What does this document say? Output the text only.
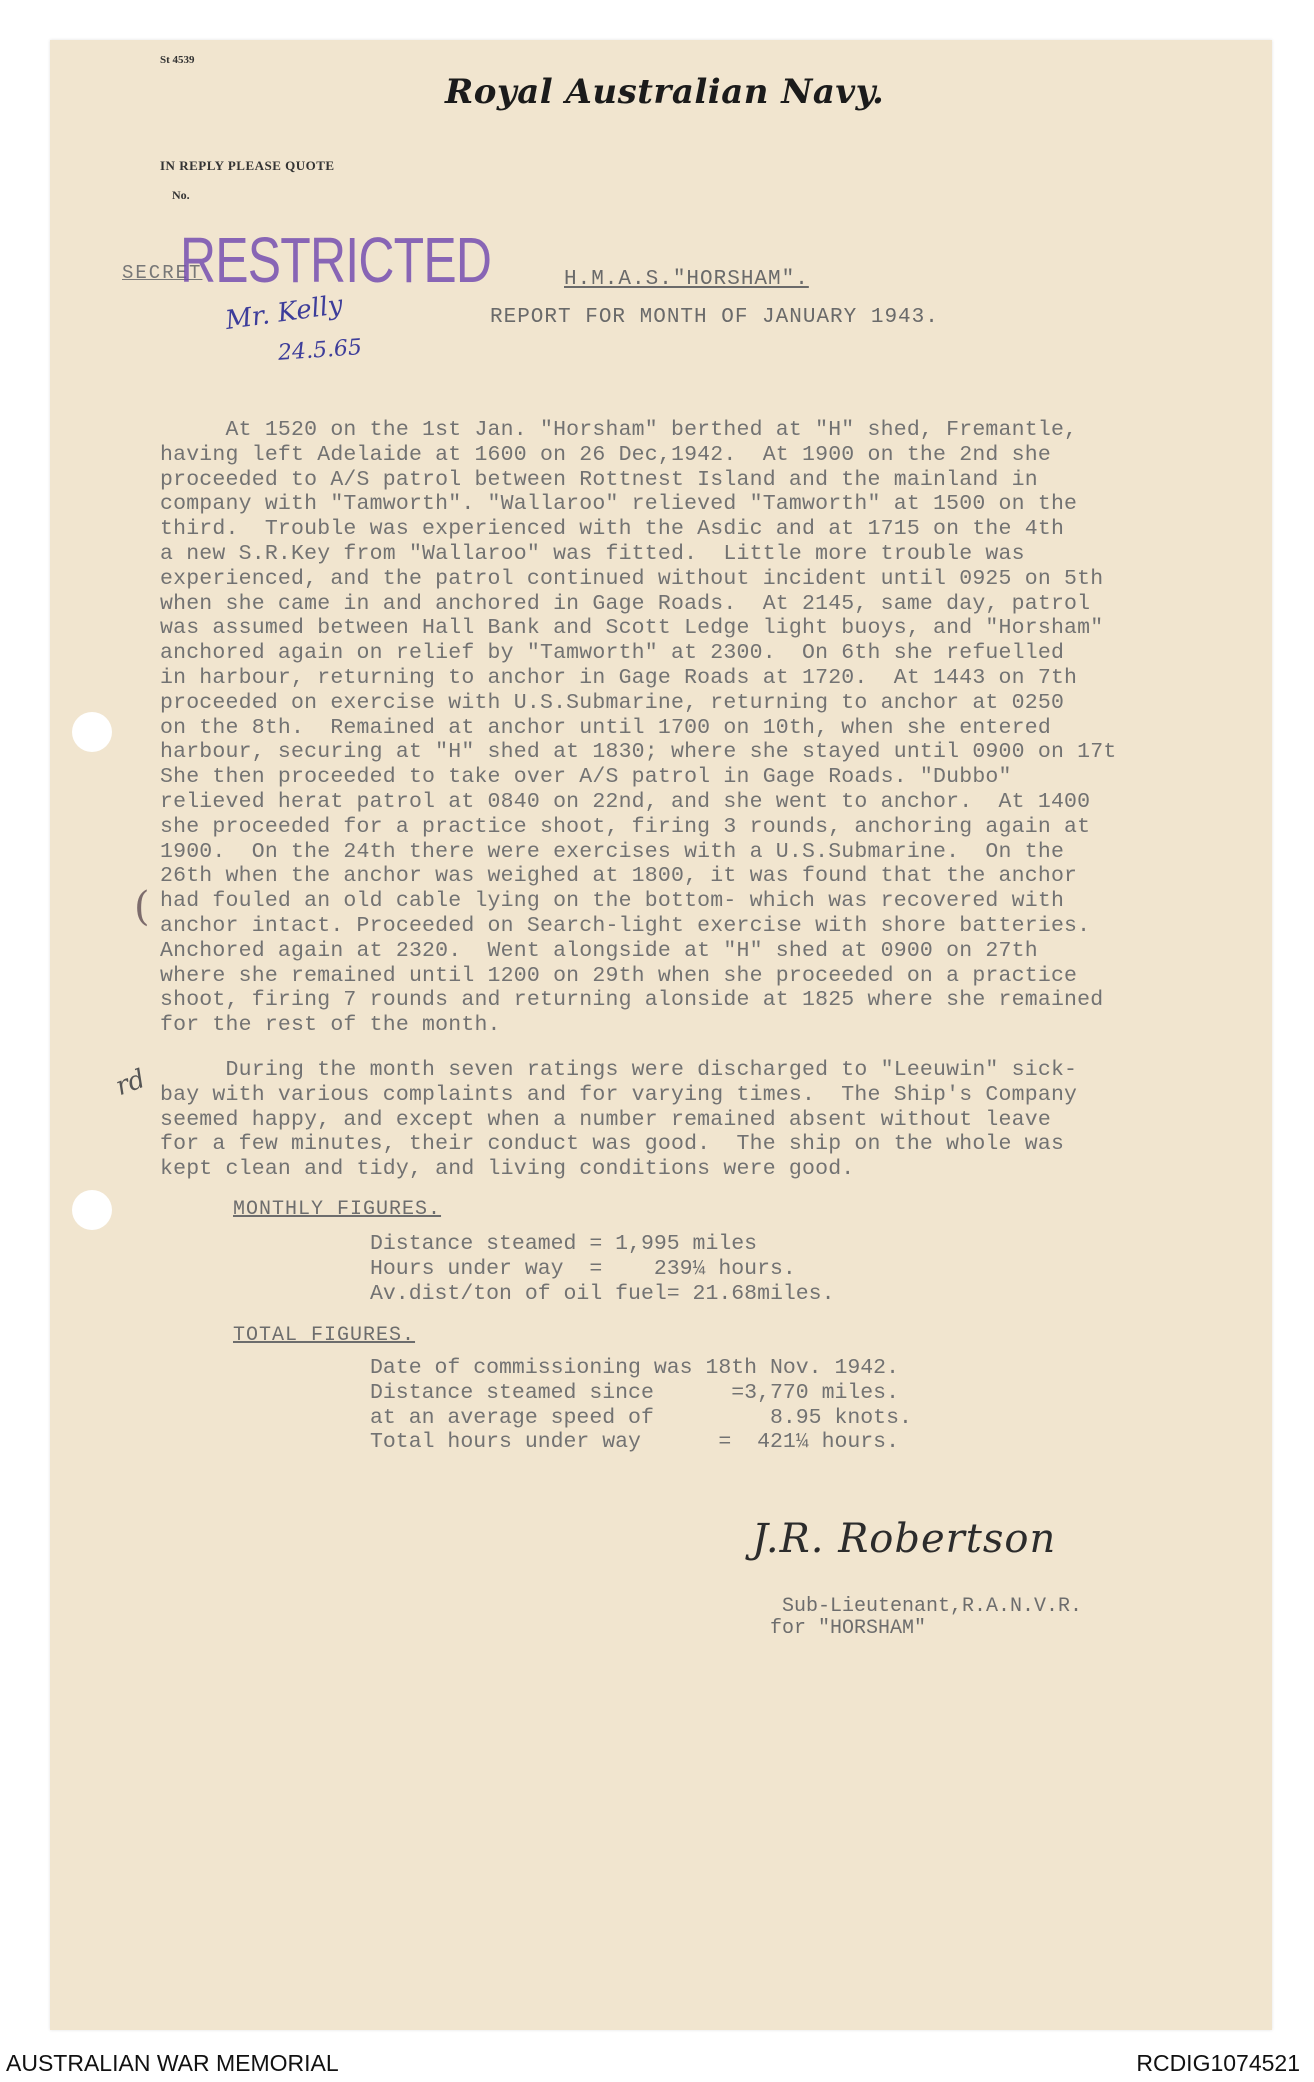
St 4539
Royal Australian Navy.
IN REPLY PLEASE QUOTE
No.
SECRET
RESTRICTED
Mr. Kelly
24.5.65
H.M.A.S."HORSHAM".
REPORT FOR MONTH OF JANUARY 1943.
At 1520 on the 1st Jan. "Horsham" berthed at "H" shed, Fremantle,
having left Adelaide at 1600 on 26 Dec,1942.  At 1900 on the 2nd she
proceeded to A/S patrol between Rottnest Island and the mainland in
company with "Tamworth". "Wallaroo" relieved "Tamworth" at 1500 on the
third.  Trouble was experienced with the Asdic and at 1715 on the 4th
a new S.R.Key from "Wallaroo" was fitted.  Little more trouble was
experienced, and the patrol continued without incident until 0925 on 5th
when she came in and anchored in Gage Roads.  At 2145, same day, patrol
was assumed between Hall Bank and Scott Ledge light buoys, and "Horsham"
anchored again on relief by "Tamworth" at 2300.  On 6th she refuelled
in harbour, returning to anchor in Gage Roads at 1720.  At 1443 on 7th
proceeded on exercise with U.S.Submarine, returning to anchor at 0250
on the 8th.  Remained at anchor until 1700 on 10th, when she entered
harbour, securing at "H" shed at 1830; where she stayed until 0900 on 17t
She then proceeded to take over A/S patrol in Gage Roads. "Dubbo"
relieved herat patrol at 0840 on 22nd, and she went to anchor.  At 1400
she proceeded for a practice shoot, firing 3 rounds, anchoring again at
1900.  On the 24th there were exercises with a U.S.Submarine.  On the
26th when the anchor was weighed at 1800, it was found that the anchor
had fouled an old cable lying on the bottom- which was recovered with
anchor intact. Proceeded on Search-light exercise with shore batteries.
Anchored again at 2320.  Went alongside at "H" shed at 0900 on 27th
where she remained until 1200 on 29th when she proceeded on a practice
shoot, firing 7 rounds and returning alonside at 1825 where she remained
for the rest of the month.
During the month seven ratings were discharged to "Leeuwin" sick-
bay with various complaints and for varying times.  The Ship's Company
seemed happy, and except when a number remained absent without leave
for a few minutes, their conduct was good.  The ship on the whole was
kept clean and tidy, and living conditions were good.
(
rd
MONTHLY FIGURES.
Distance steamed = 1,995 miles
Hours under way  =    239¼ hours.
Av.dist/ton of oil fuel= 21.68miles.
TOTAL FIGURES.
Date of commissioning was 18th Nov. 1942.
Distance steamed since      =3,770 miles.
at an average speed of         8.95 knots.
Total hours under way      =  421¼ hours.
J.R. Robertson
Sub-Lieutenant,R.A.N.V.R.
for "HORSHAM"
AUSTRALIAN WAR MEMORIAL	RCDIG1074521
